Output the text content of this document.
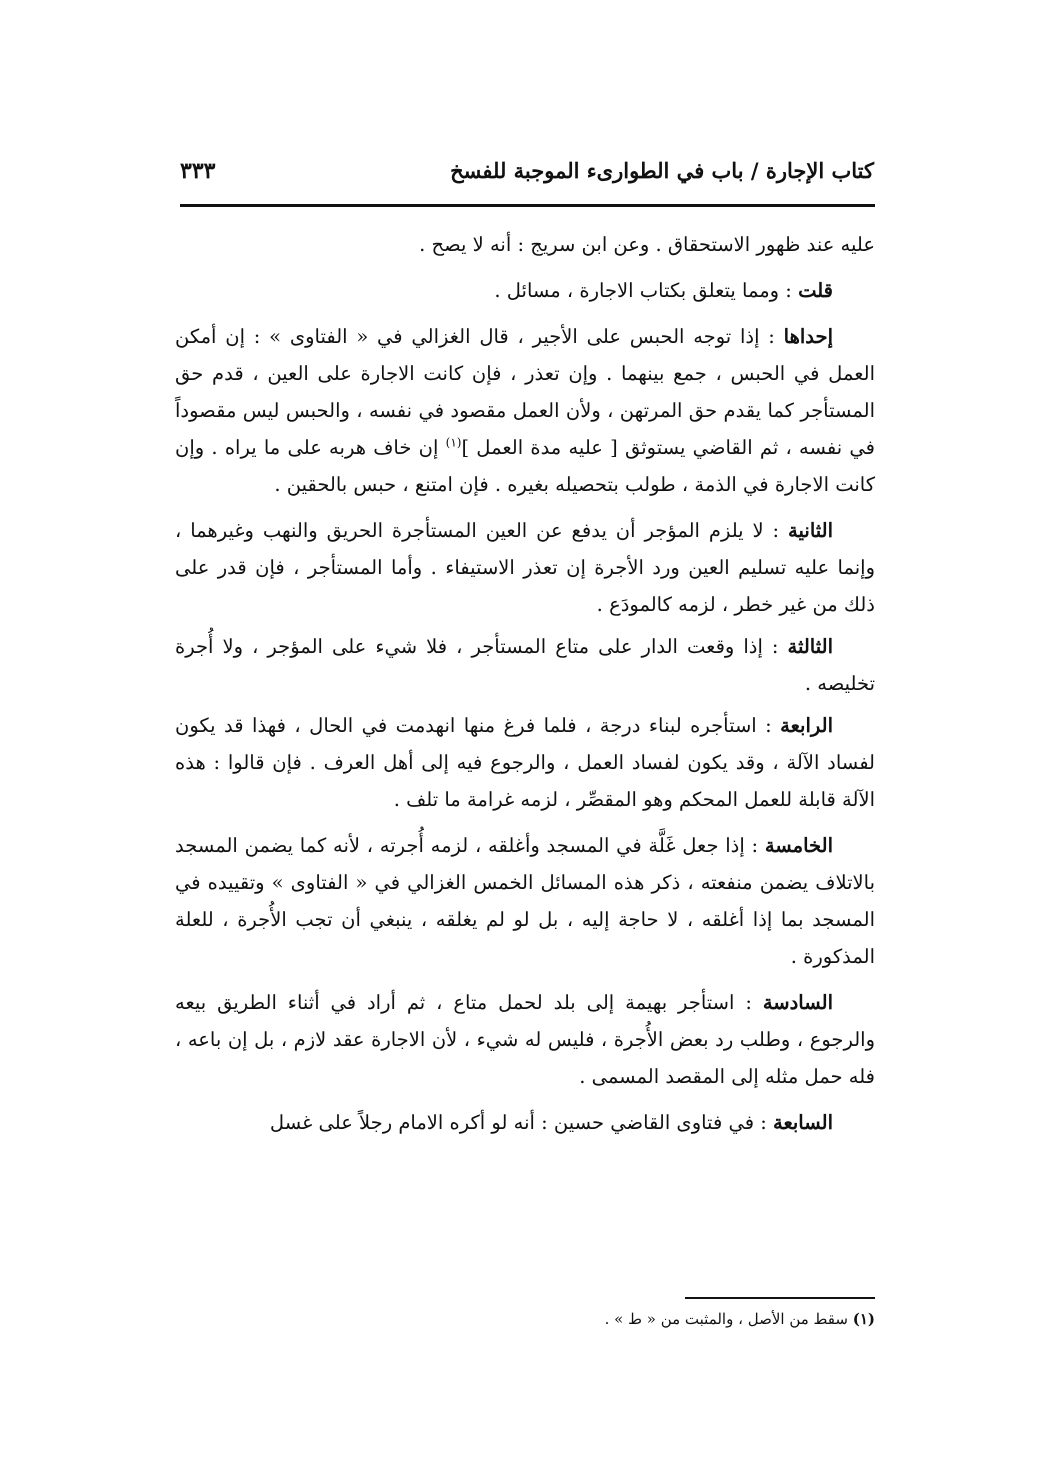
كتاب الإجارة / باب في الطوارىء الموجبة للفسخ
٣٣٣

عليه عند ظهور الاستحقاق . وعن ابن سريج : أنه لا يصح .

قلت : ومما يتعلق بكتاب الاجارة ، مسائل .

إحداها : إذا توجه الحبس على الأجير ، قال الغزالي في « الفتاوى » : إن أمكن العمل في الحبس ، جمع بينهما . وإن تعذر ، فإن كانت الاجارة على العين ، قدم حق المستأجر كما يقدم حق المرتهن ، ولأن العمل مقصود في نفسه ، والحبس ليس مقصوداً في نفسه ، ثم القاضي يستوثق [ عليه مدة العمل ]$^{(١)}$ إن خاف هربه على ما يراه . وإن كانت الاجارة في الذمة ، طولب بتحصيله بغيره . فإن امتنع ، حبس بالحقين .

الثانية : لا يلزم المؤجر أن يدفع عن العين المستأجرة الحريق والنهب وغيرهما ، وإنما عليه تسليم العين ورد الأجرة إن تعذر الاستيفاء . وأما المستأجر ، فإن قدر على ذلك من غير خطر ، لزمه كالمودَع .

الثالثة : إذا وقعت الدار على متاع المستأجر ، فلا شيء على المؤجر ، ولا أُجرة تخليصه .

الرابعة : استأجره لبناء درجة ، فلما فرغ منها انهدمت في الحال ، فهذا قد يكون لفساد الآلة ، وقد يكون لفساد العمل ، والرجوع فيه إلى أهل العرف . فإن قالوا : هذه الآلة قابلة للعمل المحكم وهو المقصِّر ، لزمه غرامة ما تلف .

الخامسة : إذا جعل غَلَّة في المسجد وأغلقه ، لزمه أُجرته ، لأنه كما يضمن المسجد بالاتلاف يضمن منفعته ، ذكر هذه المسائل الخمس الغزالي في « الفتاوى » وتقييده في المسجد بما إذا أغلقه ، لا حاجة إليه ، بل لو لم يغلقه ، ينبغي أن تجب الأُجرة ، للعلة المذكورة .

السادسة : استأجر بهيمة إلى بلد لحمل متاع ، ثم أراد في أثناء الطريق بيعه والرجوع ، وطلب رد بعض الأُجرة ، فليس له شيء ، لأن الاجارة عقد لازم ، بل إن باعه ، فله حمل مثله إلى المقصد المسمى .

السابعة : في فتاوى القاضي حسين : أنه لو أكره الامام رجلاً على غسل

(١) سقط من الأصل ، والمثبت من « ط » .
